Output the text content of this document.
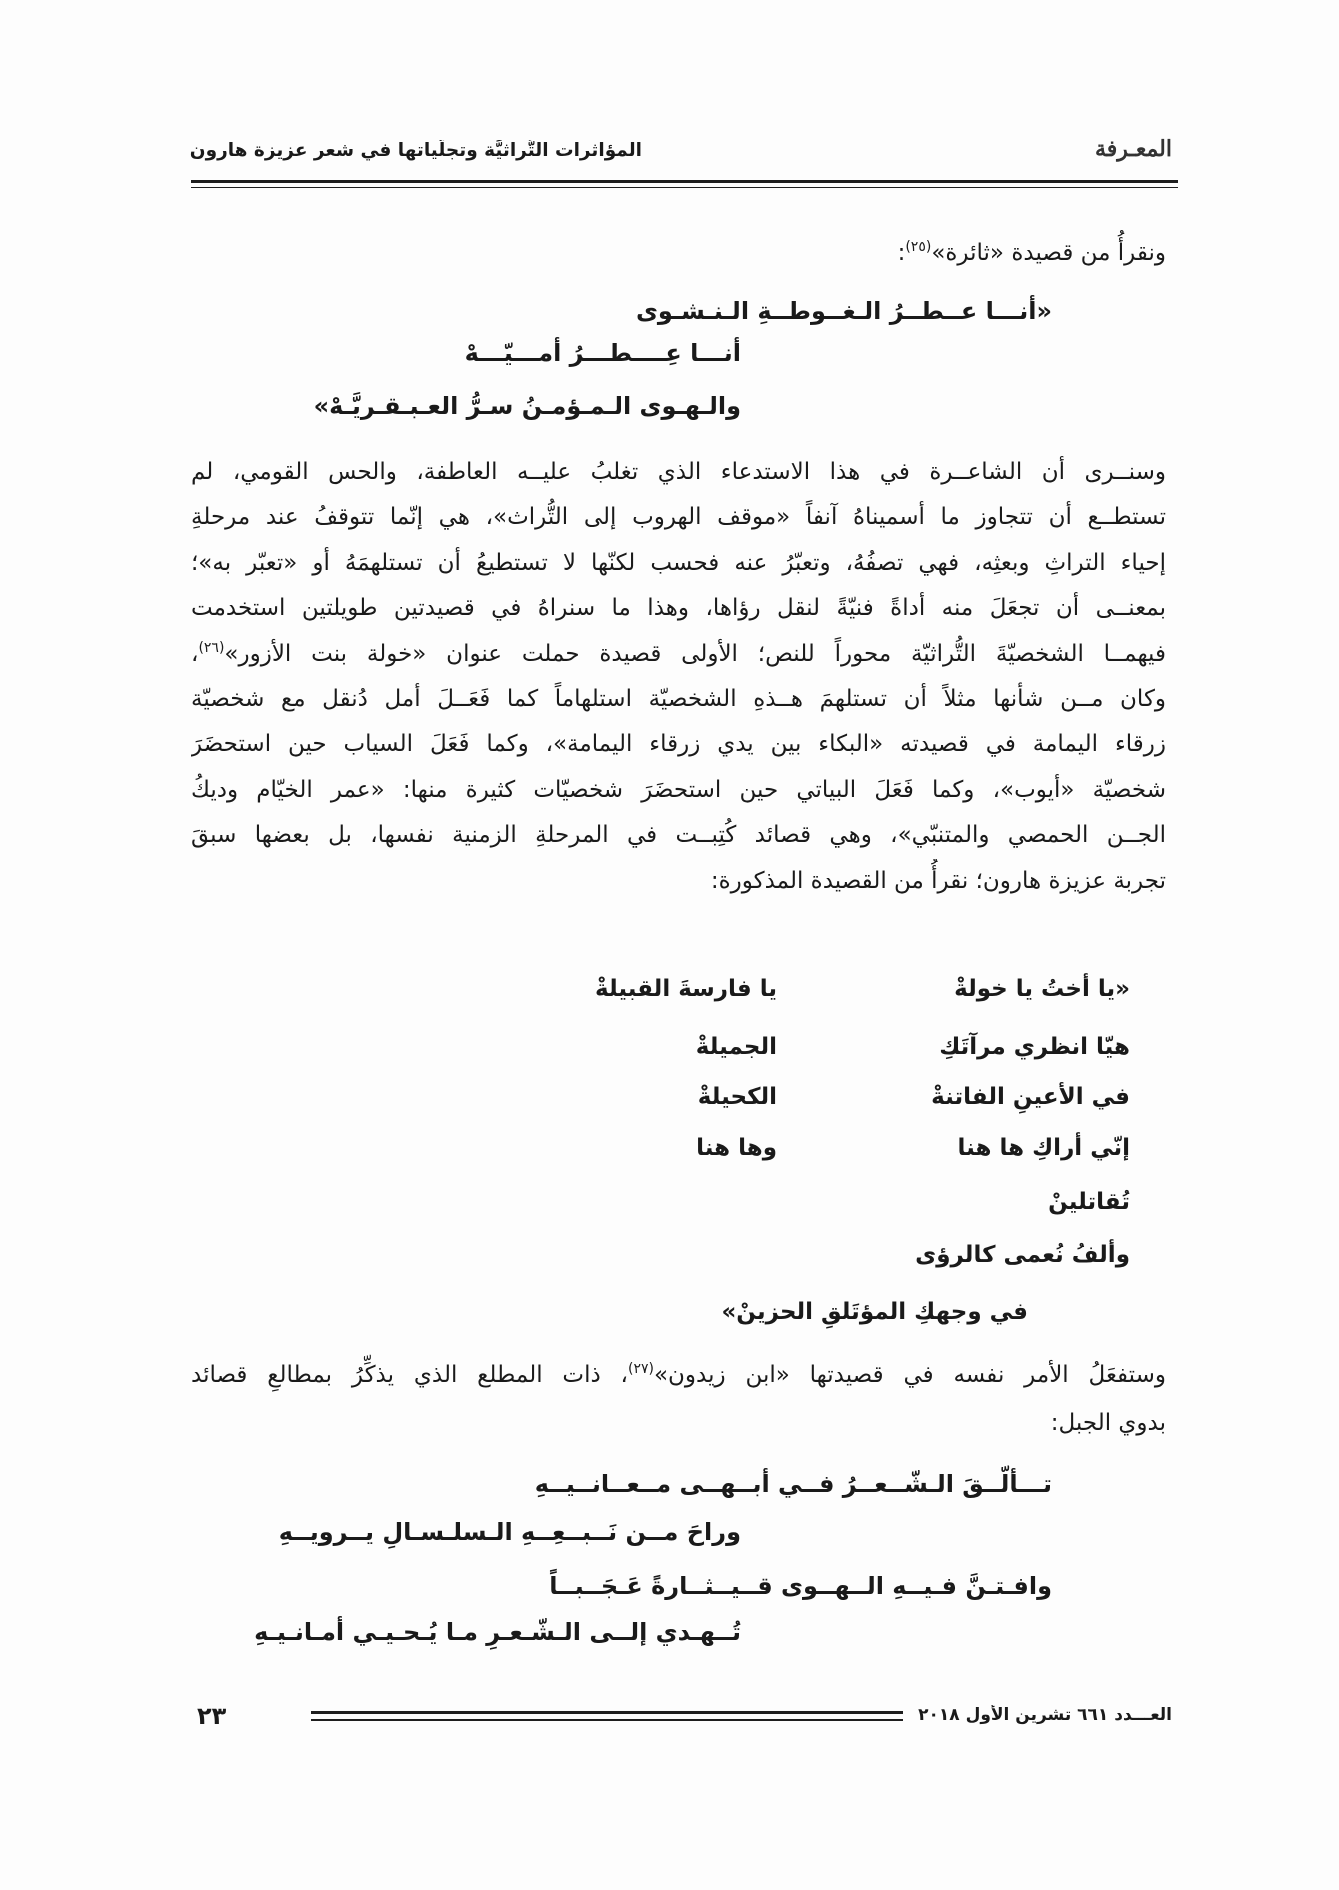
المعـرفة
المؤاثرات التُّراثيَّة وتجلّياتها في شعر عزيزة هارون
ونقرأُ من قصيدة «ثائرة»$^{(٢٥)}$:
«أنـــا عــطــرُ الـغــوطــةِ الـنـشـوى
أنـــا عِــــطـــرُ أمـــيّـــهْ
والـهـوى الـمـؤمـنُ سـرُّ العـبـقـريَّـهْ»
وسنــرى أن الشاعــرة في هذا الاستدعاء الذي تغلبُ عليــه العاطفة، والحس القومي، لم
تستطــع أن تتجاوز ما أسميناهُ آنفاً «موقف الهروب إلى التُّراث»، هي إنّما تتوقفُ عند مرحلةِ
إحياء التراثِ وبعثِه، فهي تصفُهُ، وتعبّرُ عنه فحسب لكنّها لا تستطيعُ أن تستلهمَهُ أو «تعبّر به»؛
بمعنــى أن تجعَلَ منه أداةً فنيّةً لنقل رؤاها، وهذا ما سنراهُ في قصيدتين طويلتين استخدمت
فيهمــا الشخصيّةَ التُّراثيّة محوراً للنص؛ الأولى قصيدة حملت عنوان «خولة بنت الأزور»$^{(٢٦)}$،
وكان مــن شأنها مثلاً أن تستلهمَ هــذهِ الشخصيّة استلهاماً كما فَعَــلَ أمل دُنقل مع شخصيّة
زرقاء اليمامة في قصيدته «البكاء بين يدي زرقاء اليمامة»، وكما فَعَلَ السياب حين استحضَرَ
شخصيّة «أيوب»، وكما فَعَلَ البياتي حين استحضَرَ شخصيّات كثيرة منها: «عمر الخيّام وديكُ
الجــن الحمصي والمتنبّي»، وهي قصائد كُتِبــت في المرحلةِ الزمنية نفسها، بل بعضها سبقَ
تجربة عزيزة هارون؛ نقرأُ من القصيدة المذكورة:
«يا أختُ يا خولةْ
يا فارسةَ القبيلةْ
هيّا انظري مرآتَكِ
الجميلةْ
في الأعينِ الفاتنةْ
الكحيلةْ
إنّي أراكِ ها هنا
وها هنا
تُقاتلينْ
وألفُ نُعمى كالرؤى
في وجهكِ المؤتَلقِ الحزينْ»
وستفعَلُ الأمر نفسه في قصيدتها «ابن زيدون»$^{(٢٧)}$، ذات المطلع الذي يذكِّرُ بمطالعِ قصائد
بدوي الجبل:
تـــألّــقَ الـشّــعــرُ فــي أبــهــى مــعــانــيــهِ
وراحَ مــن نَــبــعِــهِ الـسلـسـالِ يــرويــهِ
وافـتـنَّ فـيــهِ الــهــوى قــيــثــارةً عَـجَــبــاً
تُــهـدي إلــى الـشّـعـرِ مـا يُـحـيـي أمـانـيـهِ
العـــدد ٦٦١ تشرين الأول ٢٠١٨
٢٣
